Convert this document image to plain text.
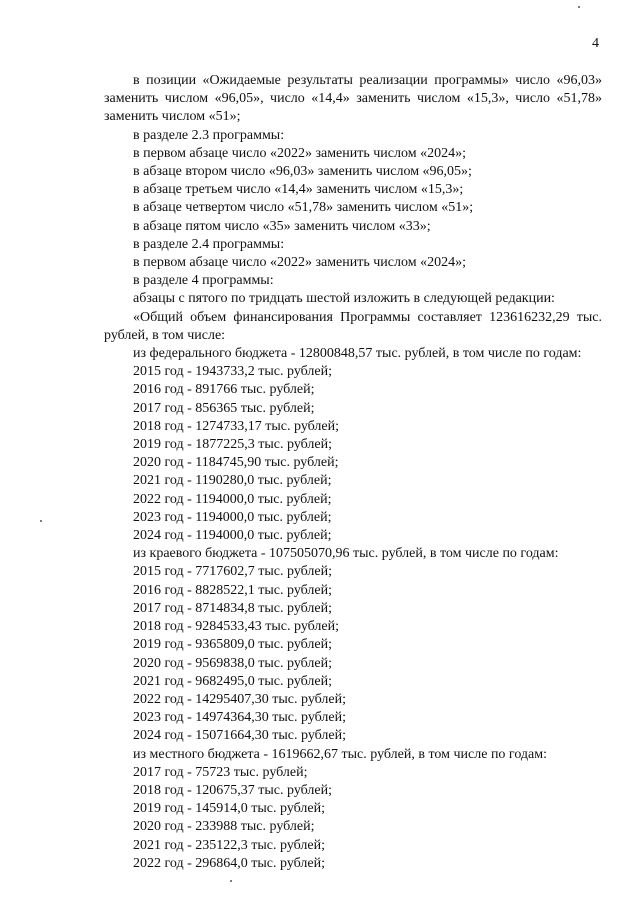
4

в позиции «Ожидаемые результаты реализации программы» число «96,03» заменить числом «96,05», число «14,4» заменить числом «15,3», число «51,78» заменить числом «51»;

в разделе 2.3 программы:

в первом абзаце число «2022» заменить числом «2024»;

в абзаце втором число «96,03» заменить числом «96,05»;

в абзаце третьем число «14,4» заменить числом «15,3»;

в абзаце четвертом число «51,78» заменить числом «51»;

в абзаце пятом число «35» заменить числом «33»;

в разделе 2.4 программы:

в первом абзаце число «2022» заменить числом «2024»;

в разделе 4 программы:

абзацы с пятого по тридцать шестой изложить в следующей редакции:

«Общий объем финансирования Программы составляет 123616232,29 тыс. рублей, в том числе:

из федерального бюджета - 12800848,57 тыс. рублей, в том числе по годам:

2015 год - 1943733,2 тыс. рублей;

2016 год - 891766 тыс. рублей;

2017 год - 856365 тыс. рублей;

2018 год - 1274733,17 тыс. рублей;

2019 год - 1877225,3 тыс. рублей;

2020 год - 1184745,90 тыс. рублей;

2021 год - 1190280,0 тыс. рублей;

2022 год - 1194000,0 тыс. рублей;

2023 год - 1194000,0 тыс. рублей;

2024 год - 1194000,0 тыс. рублей;

из краевого бюджета - 107505070,96 тыс. рублей, в том числе по годам:

2015 год - 7717602,7 тыс. рублей;

2016 год - 8828522,1 тыс. рублей;

2017 год - 8714834,8 тыс. рублей;

2018 год - 9284533,43 тыс. рублей;

2019 год - 9365809,0 тыс. рублей;

2020 год - 9569838,0 тыс. рублей;

2021 год - 9682495,0 тыс. рублей;

2022 год - 14295407,30 тыс. рублей;

2023 год - 14974364,30 тыс. рублей;

2024 год - 15071664,30 тыс. рублей;

из местного бюджета - 1619662,67 тыс. рублей, в том числе по годам:

2017 год - 75723 тыс. рублей;

2018 год - 120675,37 тыс. рублей;

2019 год - 145914,0 тыс. рублей;

2020 год - 233988 тыс. рублей;

2021 год - 235122,3 тыс. рублей;

2022 год - 296864,0 тыс. рублей;
